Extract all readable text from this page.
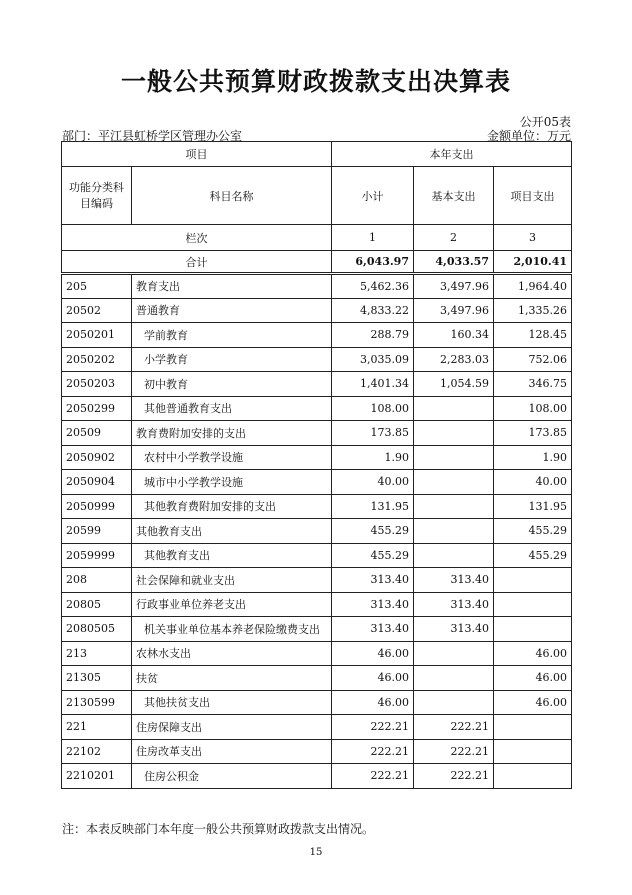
一般公共预算财政拨款支出决算表
公开05表
部门：平江县虹桥学区管理办公室	金额单位：万元
项目		本年支出		
功能分类科目编码	科目名称	小计	基本支出	项目支出
栏次		1	2	3
合计		6,043.97	4,033.57	2,010.41
205	教育支出	5,462.36	3,497.96	1,964.40
20502	普通教育	4,833.22	3,497.96	1,335.26
2050201	学前教育	288.79	160.34	128.45
2050202	小学教育	3,035.09	2,283.03	752.06
2050203	初中教育	1,401.34	1,054.59	346.75
2050299	其他普通教育支出	108.00		108.00
20509	教育费附加安排的支出	173.85		173.85
2050902	农村中小学教学设施	1.90		1.90
2050904	城市中小学教学设施	40.00		40.00
2050999	其他教育费附加安排的支出	131.95		131.95
20599	其他教育支出	455.29		455.29
2059999	其他教育支出	455.29		455.29
208	社会保障和就业支出	313.40	313.40	
20805	行政事业单位养老支出	313.40	313.40	
2080505	机关事业单位基本养老保险缴费支出	313.40	313.40	
213	农林水支出	46.00		46.00
21305	扶贫	46.00		46.00
2130599	其他扶贫支出	46.00		46.00
221	住房保障支出	222.21	222.21	
22102	住房改革支出	222.21	222.21	
2210201	住房公积金	222.21	222.21	
注：本表反映部门本年度一般公共预算财政拨款支出情况。
15
